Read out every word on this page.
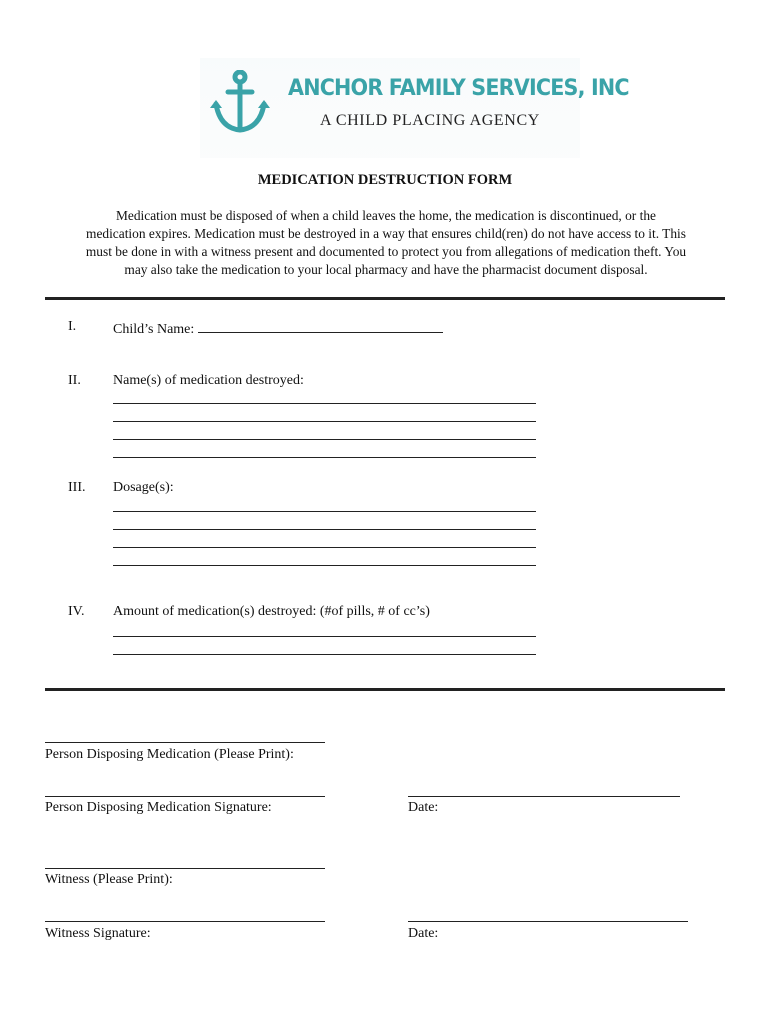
ANCHOR FAMILY SERVICES, INC
A CHILD PLACING AGENCY
MEDICATION DESTRUCTION FORM
Medication must be disposed of when a child leaves the home, the medication is discontinued, or the
medication expires. Medication must be destroyed in a way that ensures child(ren) do not have access to it. This
must be done in with a witness present and documented to protect you from allegations of medication theft. You
may also take the medication to your local pharmacy and have the pharmacist document disposal.
I.	Child’s Name:
II. Name(s) of medication destroyed:
III. Dosage(s):
IV. Amount of medication(s) destroyed: (#of pills, # of cc’s)
Person Disposing Medication (Please Print):
Person Disposing Medication Signature:	Date:
Witness (Please Print):
Witness Signature:	Date:
